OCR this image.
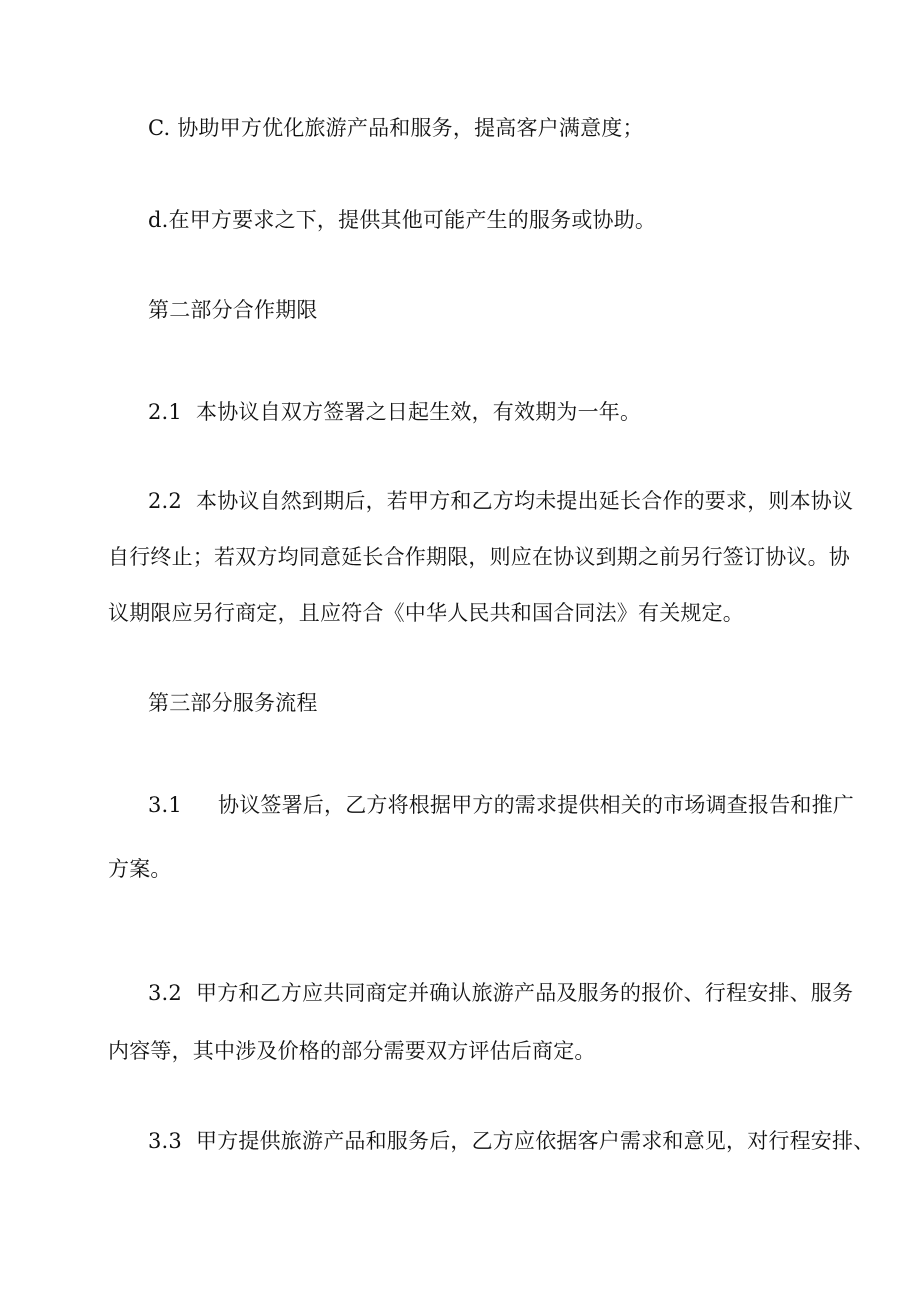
C. 协助甲方优化旅游产品和服务，提高客户满意度；
d.在甲方要求之下，提供其他可能产生的服务或协助。
第二部分合作期限
2.1 本协议自双方签署之日起生效，有效期为一年。
2.2 本协议自然到期后，若甲方和乙方均未提出延长合作的要求，则本协议
自行终止；若双方均同意延长合作期限，则应在协议到期之前另行签订协议。协
议期限应另行商定，且应符合《中华人民共和国合同法》有关规定。
第三部分服务流程
3.1 协议签署后，乙方将根据甲方的需求提供相关的市场调查报告和推广
方案。
3.2 甲方和乙方应共同商定并确认旅游产品及服务的报价、行程安排、服务
内容等，其中涉及价格的部分需要双方评估后商定。
3.3 甲方提供旅游产品和服务后，乙方应依据客户需求和意见，对行程安排、
